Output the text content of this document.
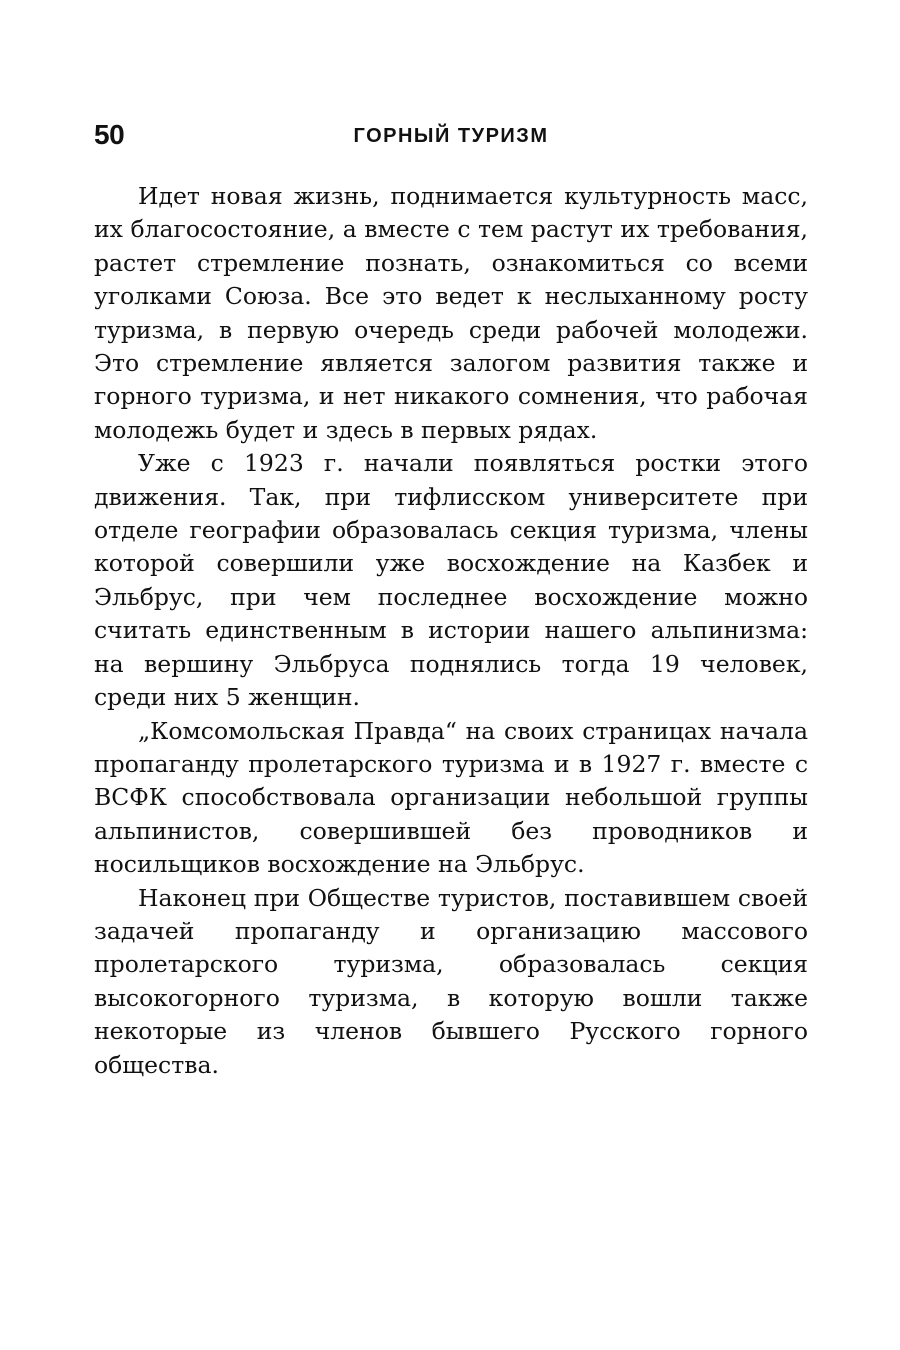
50	ГОРНЫЙ ТУРИЗМ

Идет новая жизнь, поднимается культурность масс, их благосостояние, а вместе с тем растут их требования, растет стремление познать, ознакомиться со всеми уголками Союза. Все это ведет к неслыханному росту туризма, в первую очередь среди рабочей молодежи. Это стремление является залогом развития также и горного туризма, и нет никакого сомнения, что рабочая молодежь будет и здесь в первых рядах.

Уже с 1923 г. начали появляться ростки этого движения. Так, при тифлисском университете при отделе географии образовалась секция туризма, члены которой совершили уже восхождение на Казбек и Эльбрус, при чем последнее восхождение можно считать единственным в истории нашего альпинизма: на вершину Эльбруса поднялись тогда 19 человек, среди них 5 женщин.

„Комсомольская Правда“ на своих страницах начала пропаганду пролетарского туризма и в 1927 г. вместе с ВСФК способствовала организации небольшой группы альпинистов, совершившей без проводников и носильщиков восхождение на Эльбрус.

Наконец при Обществе туристов, поставившем своей задачей пропаганду и организацию массового пролетарского туризма, образовалась секция высокогорного туризма, в которую вошли также некоторые из членов бывшего Русского горного общества.
